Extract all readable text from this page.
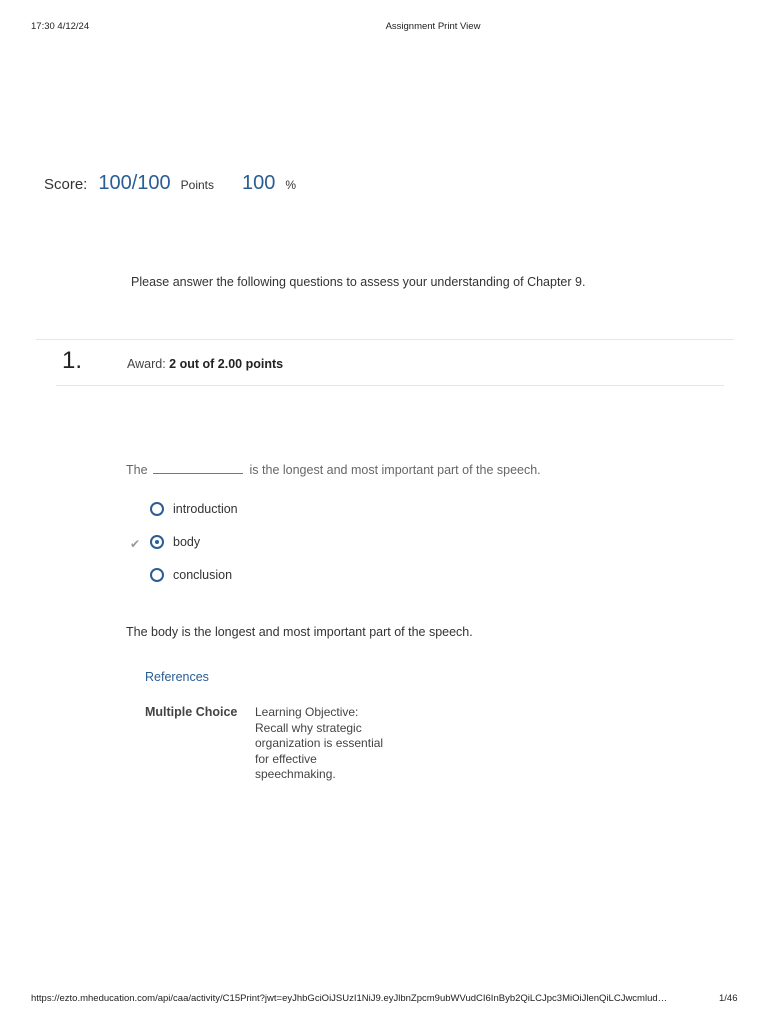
17:30 4/12/24	Assignment Print View
Score: 100/100 Points 100 %
Please answer the following questions to assess your understanding of Chapter 9.
1.	Award: 2 out of 2.00 points
The	is the longest and most important part of the speech.
introduction
✔	body
conclusion
The body is the longest and most important part of the speech.
References
Multiple Choice Learning Objective: Recall why strategic organization is essential for effective speechmaking.
https://ezto.mheducation.com/api/caa/activity/C15Print?jwt=eyJhbGciOiJSUzI1NiJ9.eyJlbnZpcm9ubWVudCI6InByb2QiLCJpc3MiOiJlenQiLCJwcmlud…	1/46
